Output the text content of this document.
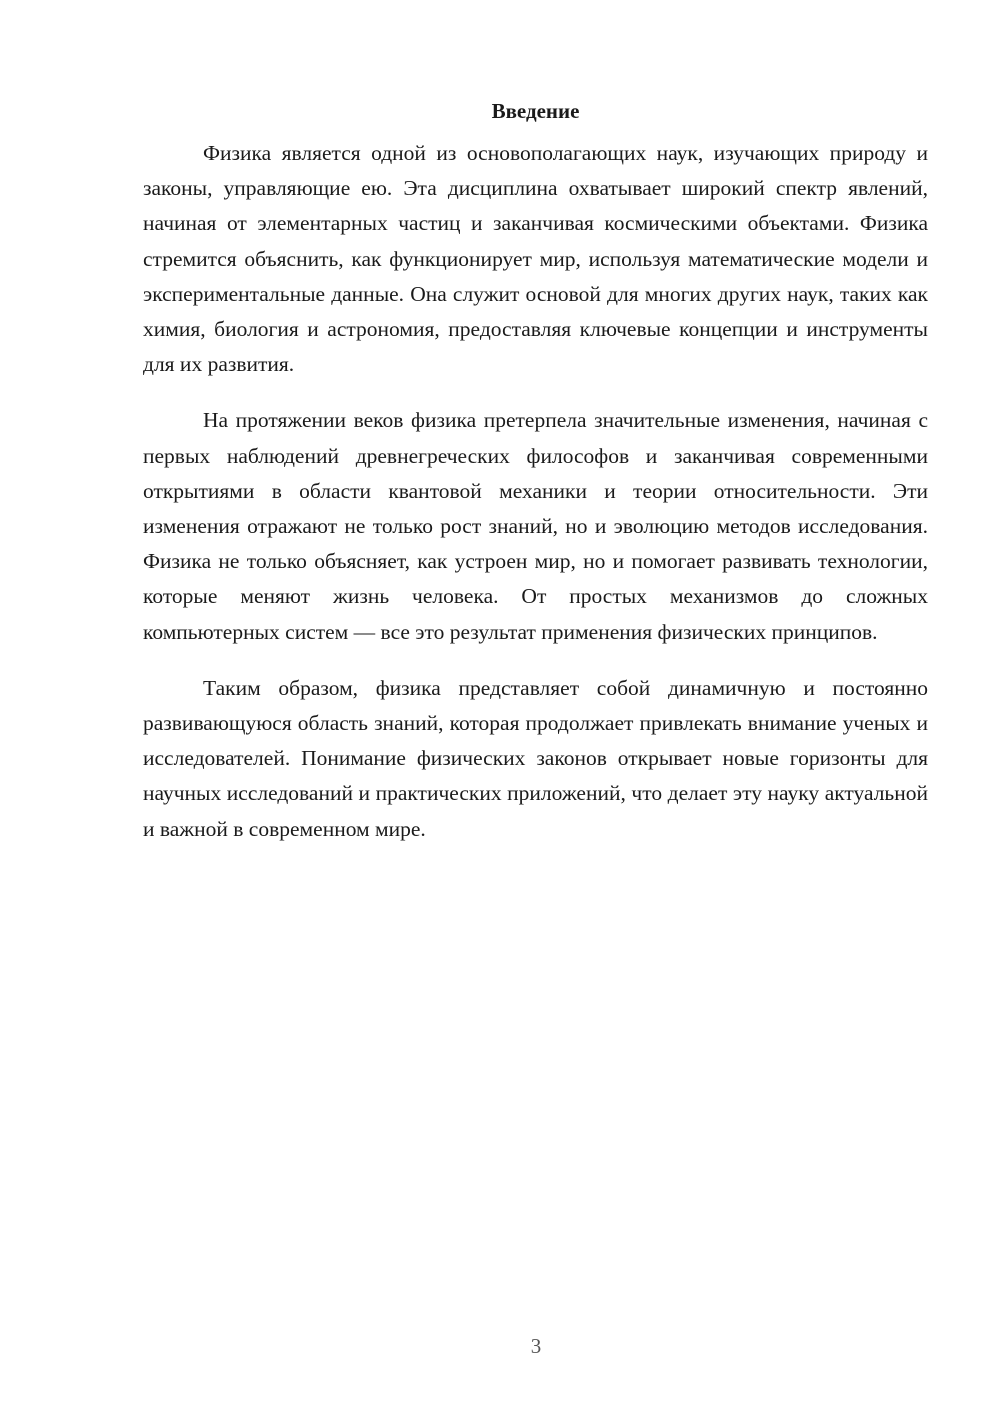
Введение

Физика является одной из основополагающих наук, изучающих природу и законы, управляющие ею. Эта дисциплина охватывает широкий спектр явлений, начиная от элементарных частиц и заканчивая космическими объектами. Физика стремится объяснить, как функционирует мир, используя математические модели и экспериментальные данные. Она служит основой для многих других наук, таких как химия, биология и астрономия, предоставляя ключевые концепции и инструменты для их развития.

На протяжении веков физика претерпела значительные изменения, начиная с первых наблюдений древнегреческих философов и заканчивая современными открытиями в области квантовой механики и теории относительности. Эти изменения отражают не только рост знаний, но и эволюцию методов исследования. Физика не только объясняет, как устроен мир, но и помогает развивать технологии, которые меняют жизнь человека. От простых механизмов до сложных компьютерных систем — все это результат применения физических принципов.

Таким образом, физика представляет собой динамичную и постоянно развивающуюся область знаний, которая продолжает привлекать внимание ученых и исследователей. Понимание физических законов открывает новые горизонты для научных исследований и практических приложений, что делает эту науку актуальной и важной в современном мире.

3
